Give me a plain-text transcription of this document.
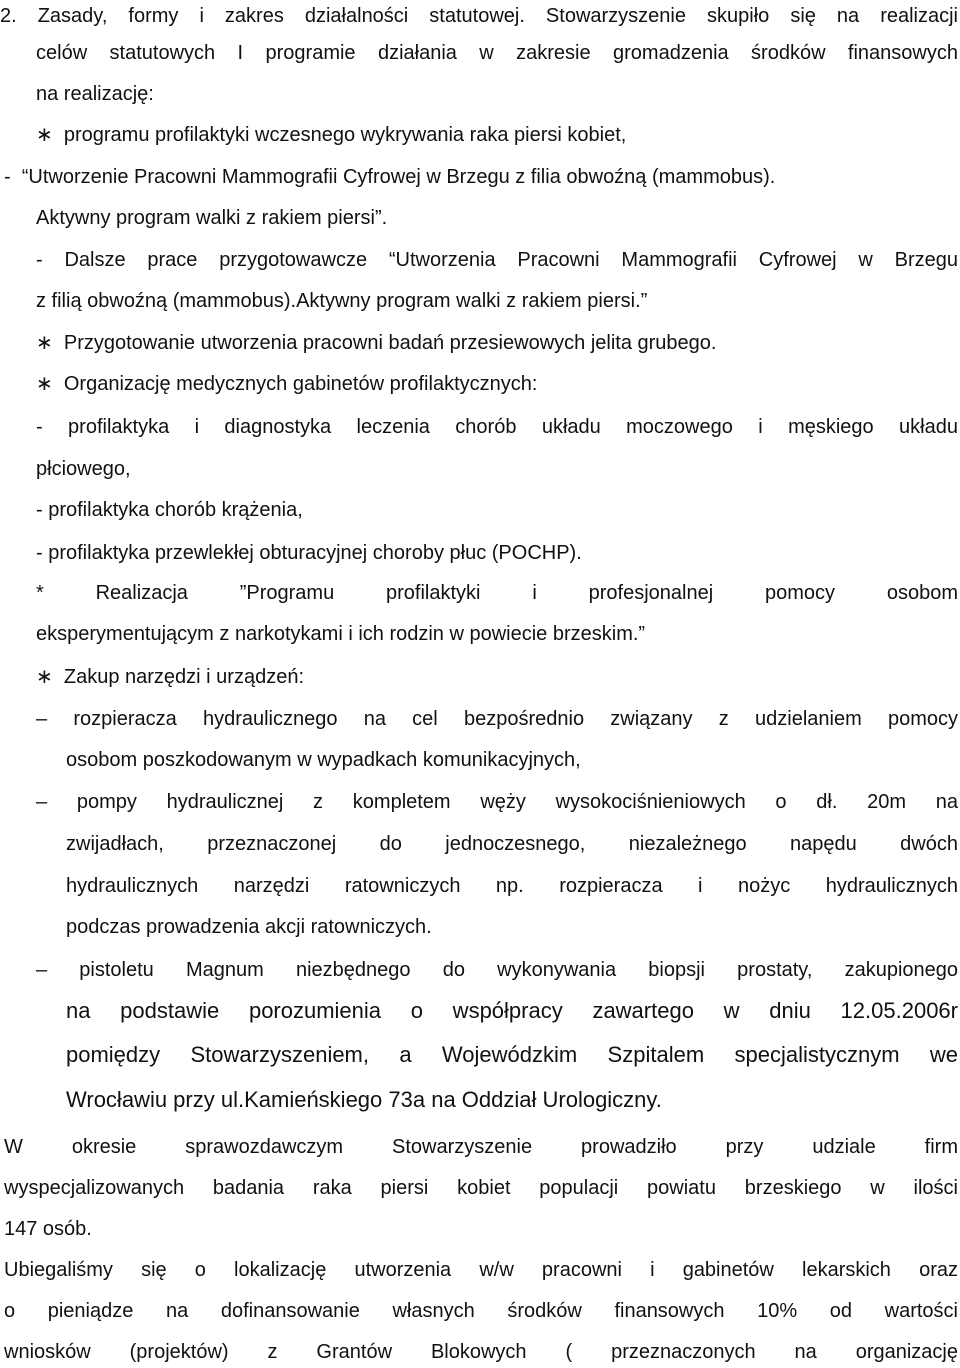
2. Zasady, formy i zakres działalności statutowej. Stowarzyszenie skupiło się na realizacji
celów statutowych I programie działania w zakresie gromadzenia środków finansowych
na realizację:
∗  programu profilaktyki wczesnego wykrywania raka piersi kobiet,
-  “Utworzenie Pracowni Mammografii Cyfrowej w Brzegu z filia obwoźną (mammobus).
Aktywny program walki z rakiem piersi”.
- Dalsze prace przygotowawcze “Utworzenia Pracowni Mammografii Cyfrowej w Brzegu
z filią obwoźną (mammobus).Aktywny program walki z rakiem piersi.”
∗  Przygotowanie utworzenia pracowni badań przesiewowych jelita grubego.
∗  Organizację medycznych gabinetów profilaktycznych:
- profilaktyka i diagnostyka leczenia chorób układu moczowego i męskiego układu
płciowego,
- profilaktyka chorób krążenia,
- profilaktyka przewlekłej obturacyjnej choroby płuc (POCHP).
* Realizacja ”Programu profilaktyki i profesjonalnej pomocy osobom
eksperymentującym z narkotykami i ich rodzin w powiecie brzeskim.”
∗  Zakup narzędzi i urządzeń:
– rozpieracza hydraulicznego na cel bezpośrednio związany z udzielaniem pomocy
osobom poszkodowanym w wypadkach komunikacyjnych,
– pompy hydraulicznej z kompletem węży wysokociśnieniowych o dł. 20m na
zwijadłach, przeznaczonej do jednoczesnego, niezależnego napędu dwóch
hydraulicznych narzędzi ratowniczych np. rozpieracza i nożyc hydraulicznych
podczas prowadzenia akcji ratowniczych.
– pistoletu Magnum niezbędnego do wykonywania biopsji prostaty, zakupionego
na podstawie porozumienia o współpracy zawartego w dniu 12.05.2006r
pomiędzy Stowarzyszeniem, a Wojewódzkim Szpitalem specjalistycznym we
Wrocławiu przy ul.Kamieńskiego 73a na Oddział Urologiczny.
W okresie sprawozdawczym Stowarzyszenie prowadziło przy udziale firm
wyspecjalizowanych badania raka piersi kobiet populacji powiatu brzeskiego w ilości
147 osób.
Ubiegaliśmy się o lokalizację utworzenia w/w pracowni i gabinetów lekarskich oraz
o pieniądze na dofinansowanie własnych środków finansowych 10% od wartości
wniosków (projektów) z Grantów Blokowych ( przeznaczonych na organizację
